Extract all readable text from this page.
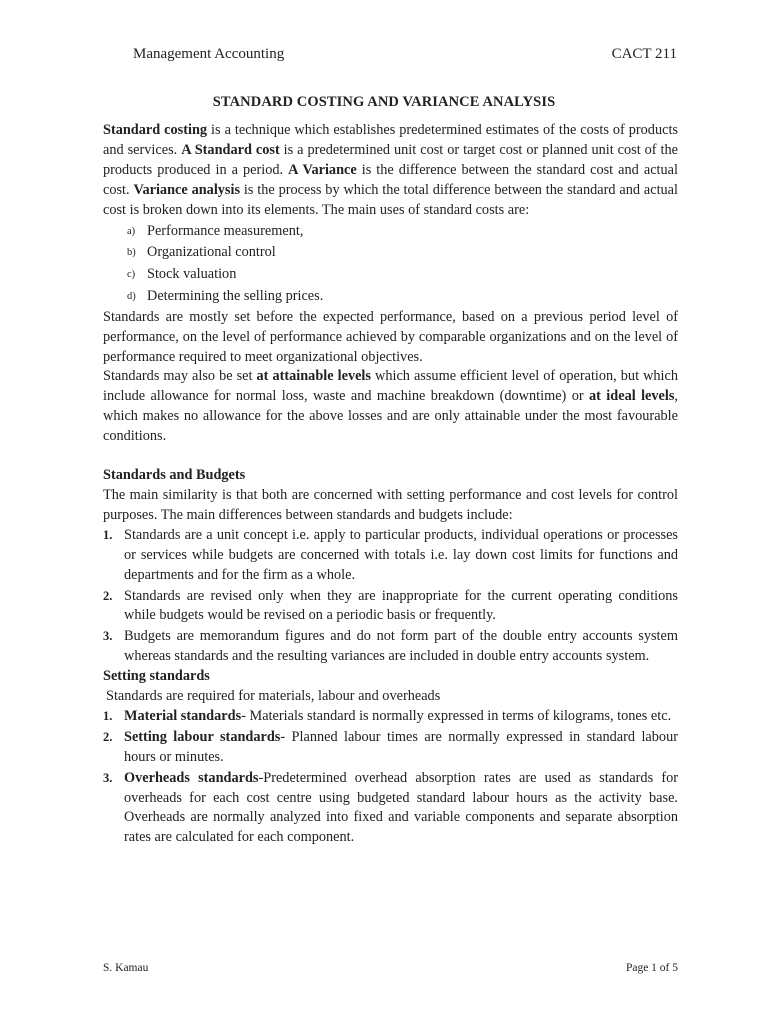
Management Accounting	CACT 211
STANDARD COSTING AND VARIANCE ANALYSIS

Standard costing is a technique which establishes predetermined estimates of the costs of products and services. A Standard cost is a predetermined unit cost or target cost or planned unit cost of the products produced in a period. A Variance is the difference between the standard cost and actual cost. Variance analysis is the process by which the total difference between the standard and actual cost is broken down into its elements. The main uses of standard costs are:

a) Performance measurement,
b) Organizational control
c) Stock valuation
d) Determining the selling prices.

Standards are mostly set before the expected performance, based on a previous period level of performance, on the level of performance achieved by comparable organizations and on the level of performance required to meet organizational objectives.

Standards may also be set at attainable levels which assume efficient level of operation, but which include allowance for normal loss, waste and machine breakdown (downtime) or at ideal levels, which makes no allowance for the above losses and are only attainable under the most favourable conditions.

Standards and Budgets

The main similarity is that both are concerned with setting performance and cost levels for control purposes. The main differences between standards and budgets include:

1. Standards are a unit concept i.e. apply to particular products, individual operations or processes or services while budgets are concerned with totals i.e. lay down cost limits for functions and departments and for the firm as a whole.
2. Standards are revised only when they are inappropriate for the current operating conditions while budgets would be revised on a periodic basis or frequently.
3. Budgets are memorandum figures and do not form part of the double entry accounts system whereas standards and the resulting variances are included in double entry accounts system.

Setting standards

Standards are required for materials, labour and overheads

1. Material standards- Materials standard is normally expressed in terms of kilograms, tones etc.
2. Setting labour standards- Planned labour times are normally expressed in standard labour hours or minutes.
3. Overheads standards-Predetermined overhead absorption rates are used as standards for overheads for each cost centre using budgeted standard labour hours as the activity base. Overheads are normally analyzed into fixed and variable components and separate absorption rates are calculated for each component.
S. Kamau	Page 1 of 5
